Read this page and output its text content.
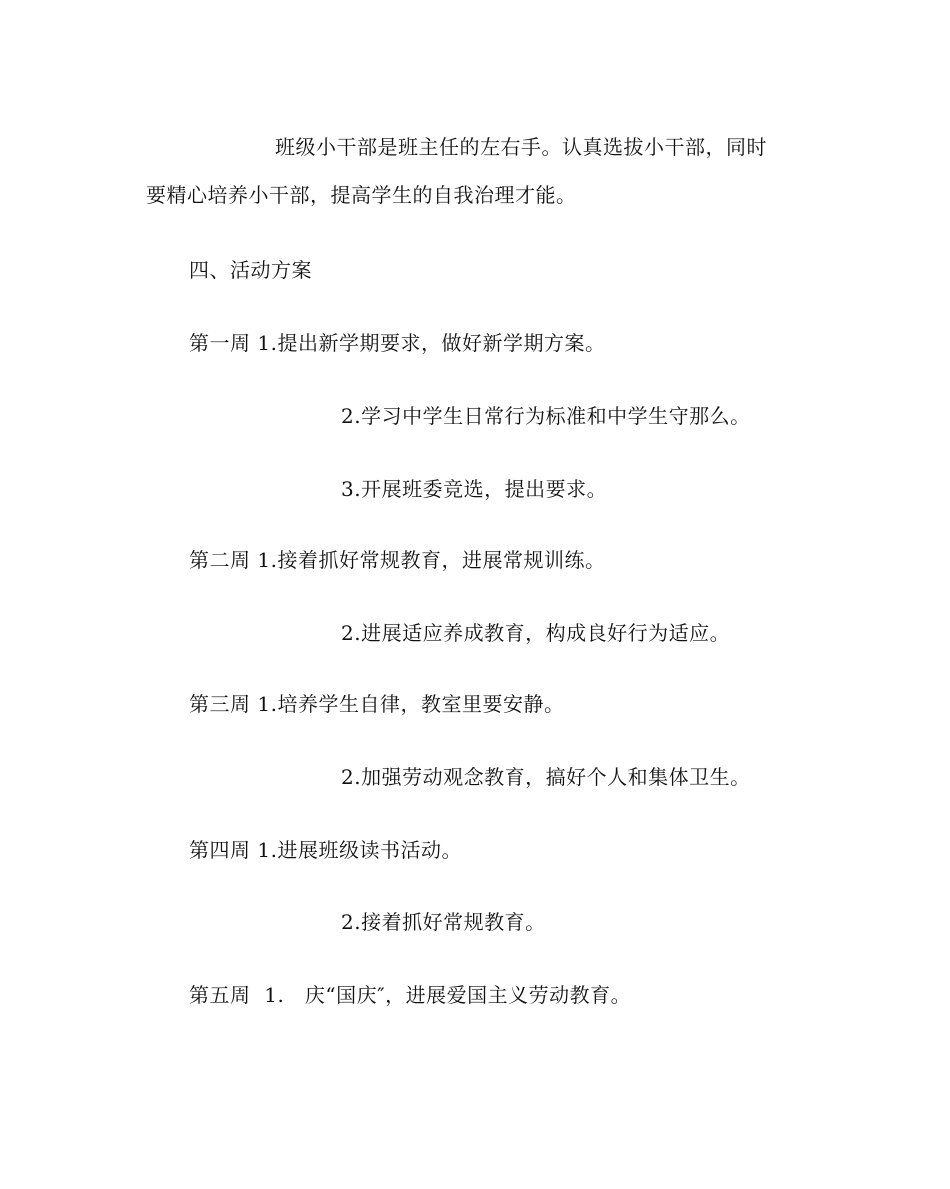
班级小干部是班主任的左右手。认真选拔小干部，同时
要精心培养小干部，提高学生的自我治理才能。
四、活动方案
第一周 1.提出新学期要求，做好新学期方案。
2.学习中学生日常行为标准和中学生守那么。
3.开展班委竞选，提出要求。
第二周 1.接着抓好常规教育，进展常规训练。
2.进展适应养成教育，构成良好行为适应。
第三周 1.培养学生自律，教室里要安静。
2.加强劳动观念教育，搞好个人和集体卫生。
第四周 1.进展班级读书活动。
2.接着抓好常规教育。
第五周  1.   庆“国庆″，进展爱国主义劳动教育。
